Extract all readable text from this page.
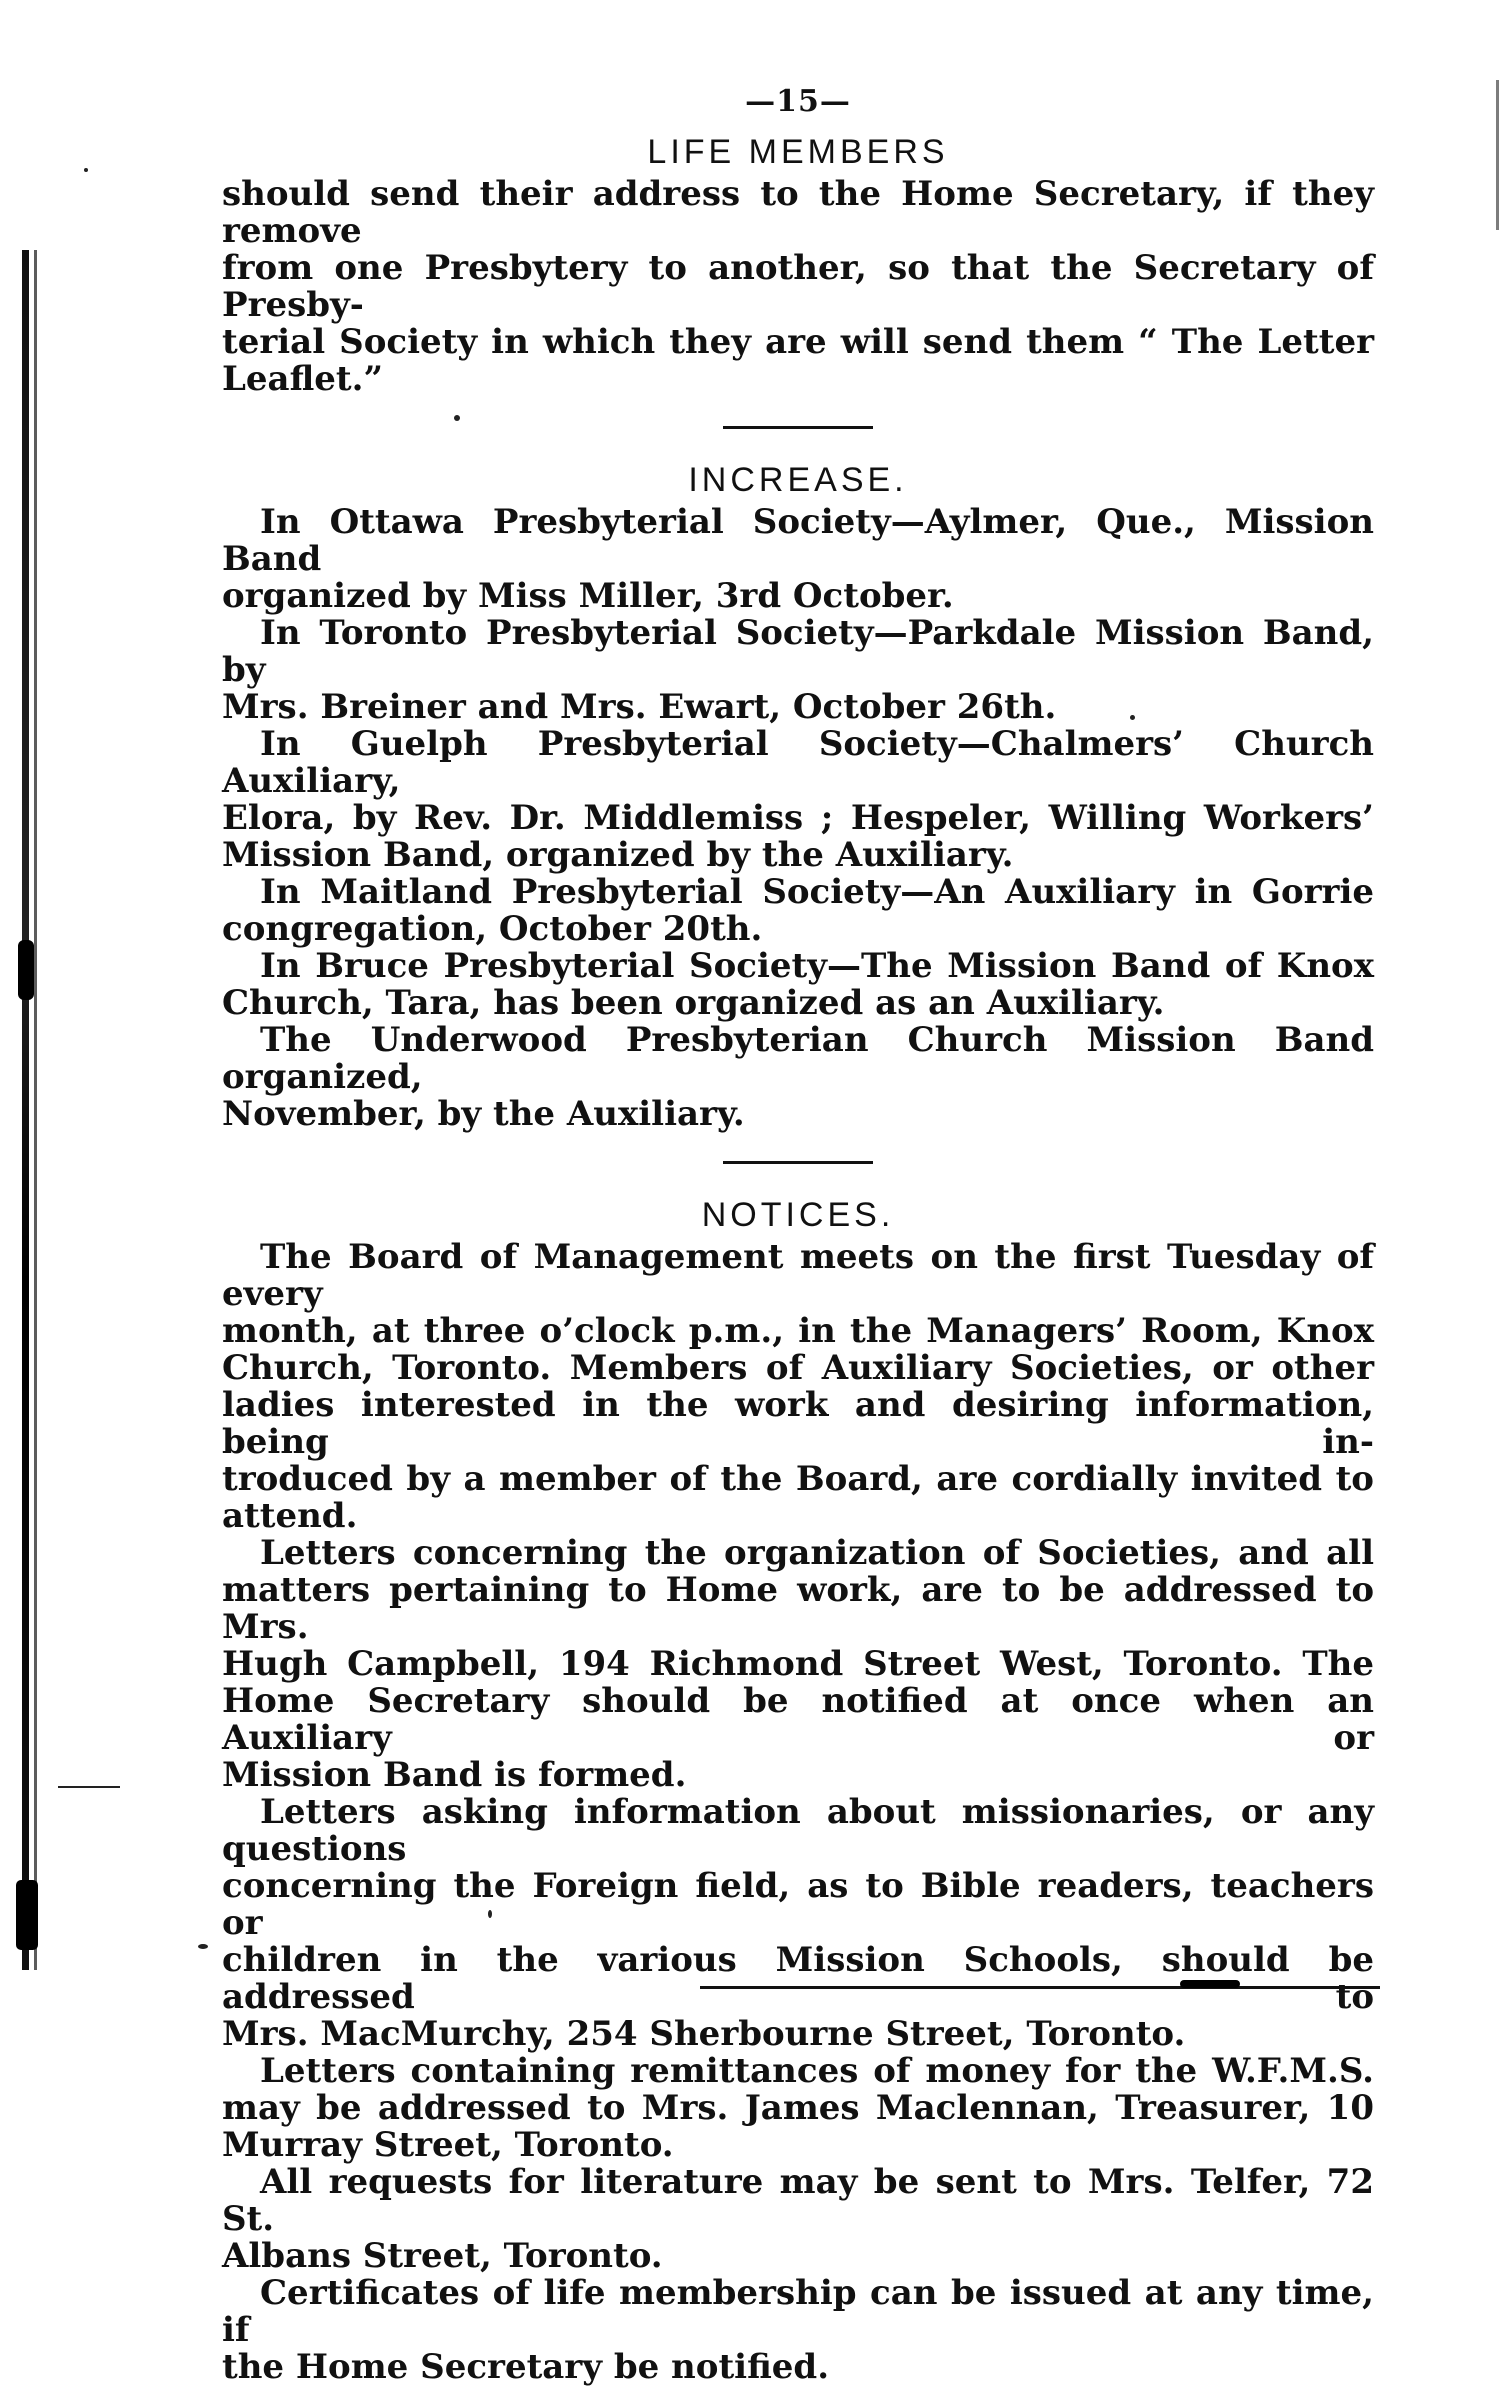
—15—
LIFE MEMBERS

should send their address to the Home Secretary, if they remove
from one Presbytery to another, so that the Secretary of Presby-
terial Society in which they are will send them “ The Letter
Leaflet.”

INCREASE.

In Ottawa Presbyterial Society—Aylmer, Que., Mission Band
organized by Miss Miller, 3rd October.

In Toronto Presbyterial Society—Parkdale Mission Band, by
Mrs. Breiner and Mrs. Ewart, October 26th.

In Guelph Presbyterial Society—Chalmers’ Church Auxiliary,
Elora, by Rev. Dr. Middlemiss ; Hespeler, Willing Workers’
Mission Band, organized by the Auxiliary.

In Maitland Presbyterial Society—An Auxiliary in Gorrie
congregation, October 20th.

In Bruce Presbyterial Society—The Mission Band of Knox
Church, Tara, has been organized as an Auxiliary.

The Underwood Presbyterian Church Mission Band organized,
November, by the Auxiliary.

NOTICES.

The Board of Management meets on the first Tuesday of every
month, at three o’clock p.m., in the Managers’ Room, Knox
Church, Toronto. Members of Auxiliary Societies, or other
ladies interested in the work and desiring information, being in-
troduced by a member of the Board, are cordially invited to attend.

Letters concerning the organization of Societies, and all
matters pertaining to Home work, are to be addressed to Mrs.
Hugh Campbell, 194 Richmond Street West, Toronto. The
Home Secretary should be notified at once when an Auxiliary or
Mission Band is formed.

Letters asking information about missionaries, or any questions
concerning the Foreign field, as to Bible readers, teachers or
children in the various Mission Schools, should be addressed to
Mrs. MacMurchy, 254 Sherbourne Street, Toronto.

Letters containing remittances of money for the W.F.M.S.
may be addressed to Mrs. James Maclennan, Treasurer, 10
Murray Street, Toronto.

All requests for literature may be sent to Mrs. Telfer, 72 St.
Albans Street, Toronto.

Certificates of life membership can be issued at any time, if
the Home Secretary be notified.
